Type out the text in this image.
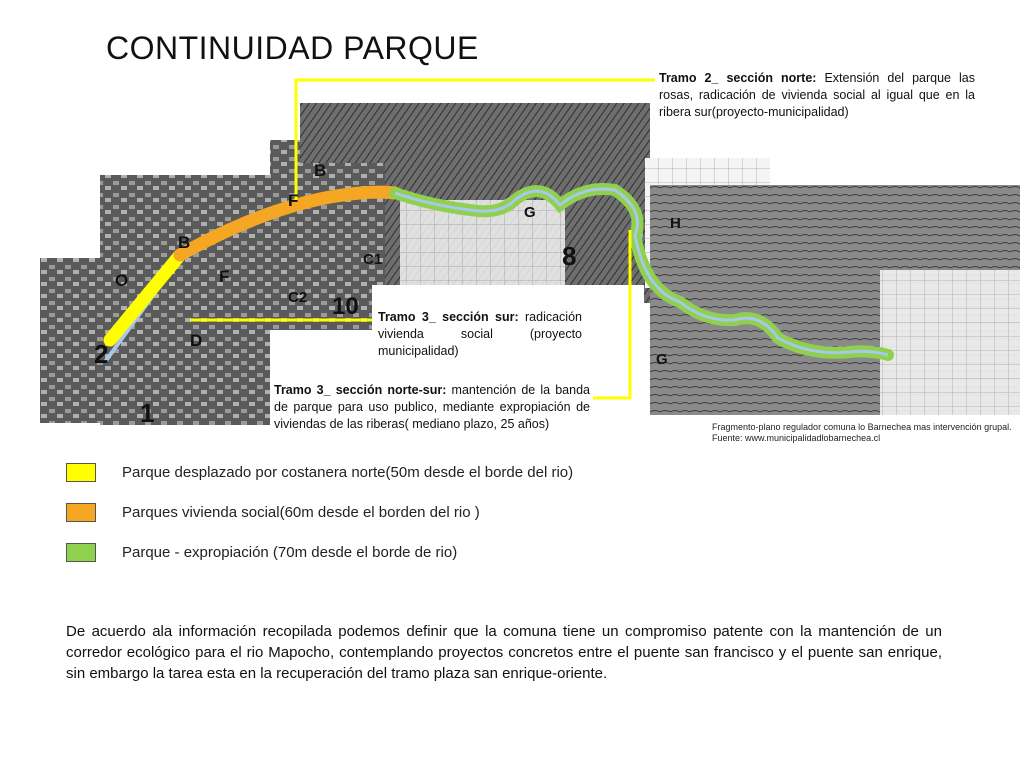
CONTINUIDAD PARQUE
O
B
B
F
F
D
C1
C2
G
G
H
1
2
8
10
Tramo 2_ sección norte: Extensión del parque las rosas, radicación de vivienda social al igual que en la ribera sur(proyecto-municipalidad)
Tramo 3_ sección sur: radicación vivienda social (proyecto municipalidad)
Tramo 3_ sección norte-sur: mantención de la banda de parque para uso publico, mediante expropiación de viviendas de las riberas( mediano plazo, 25 años)	Fragmento-plano regulador comuna lo Barnechea mas intervención grupal.
Fuente: www.municipalidadlobarnechea.cl
Parque desplazado por costanera norte(50m desde el borde del rio)
Parques vivienda social(60m desde el borden del rio )
Parque - expropiación (70m desde el borde de rio)
De acuerdo ala información recopilada podemos definir que la comuna tiene un compromiso patente con la mantención de un corredor ecológico para el rio Mapocho, contemplando proyectos concretos entre el puente san francisco y el puente san enrique, sin embargo la tarea esta en la recuperación del tramo plaza san enrique-oriente.
